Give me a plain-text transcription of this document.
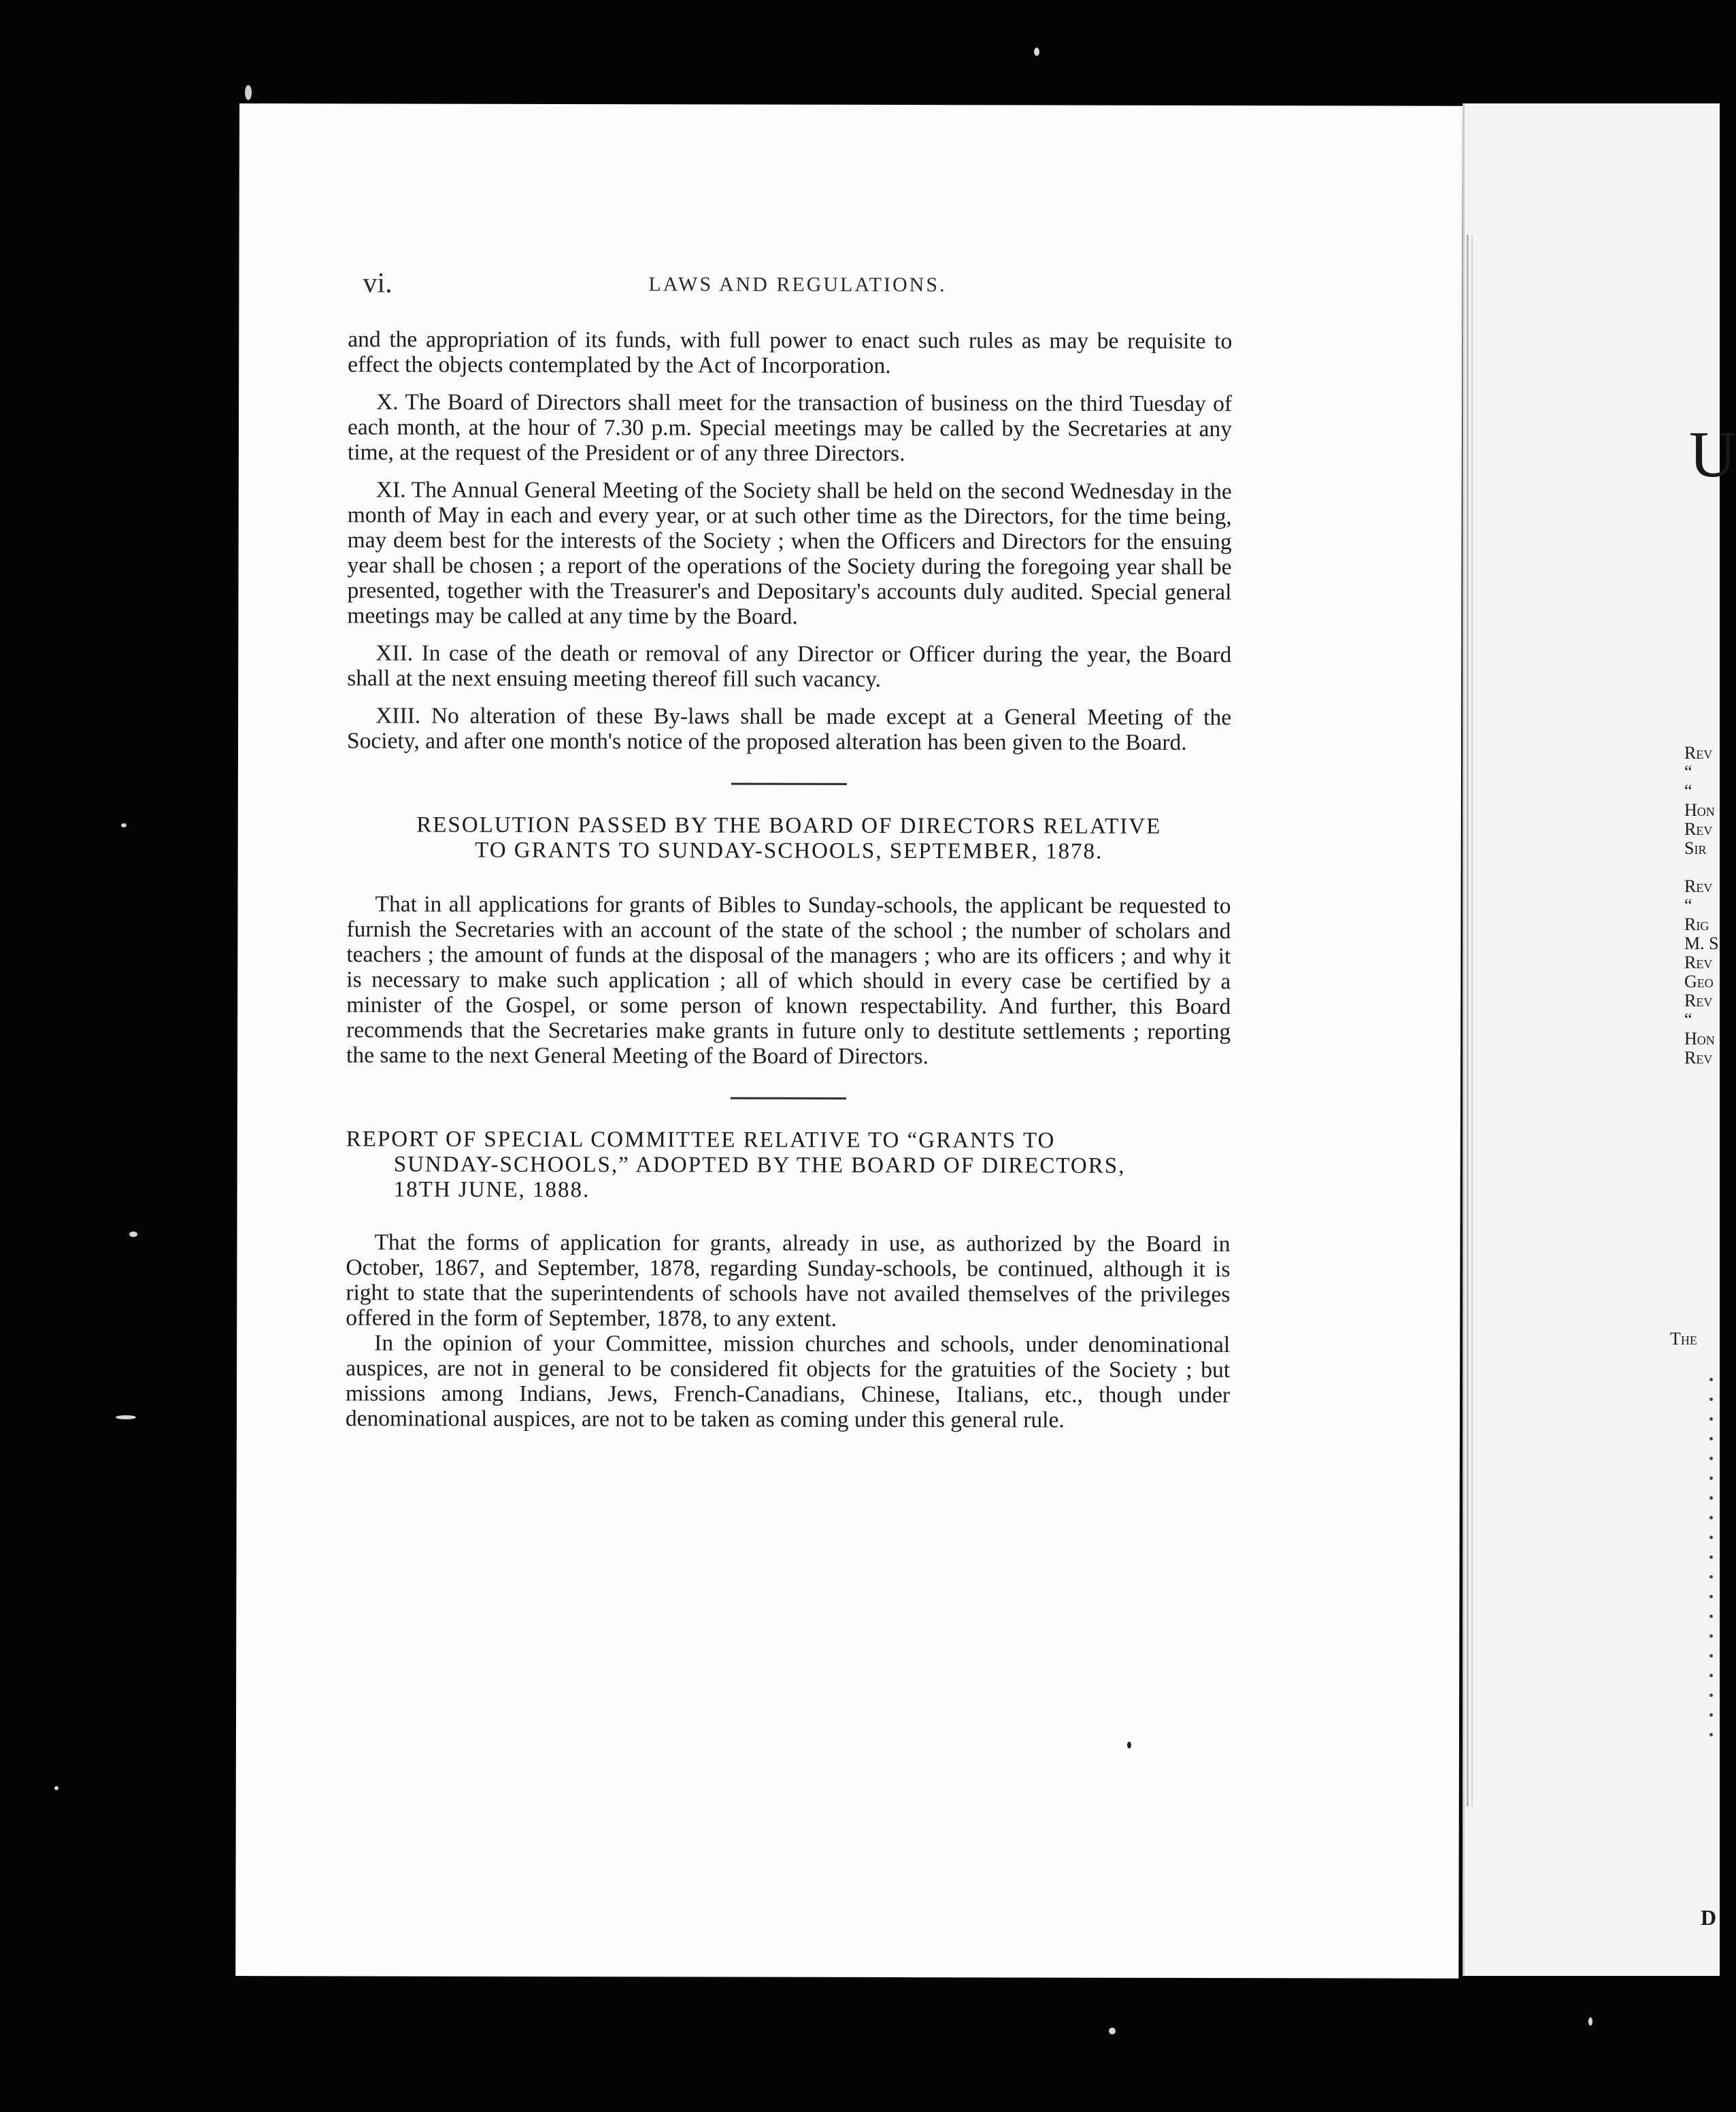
vi.	LAWS AND REGULATIONS.

and the appropriation of its funds, with full power to enact such rules as may be requisite to effect the objects contemplated by the Act of Incorporation.

X. The Board of Directors shall meet for the transaction of business on the third Tuesday of each month, at the hour of 7.30 p.m. Special meetings may be called by the Secretaries at any time, at the request of the President or of any three Directors.

XI. The Annual General Meeting of the Society shall be held on the second Wednesday in the month of May in each and every year, or at such other time as the Directors, for the time being, may deem best for the interests of the Society ; when the Officers and Directors for the ensuing year shall be chosen ; a report of the operations of the Society during the foregoing year shall be presented, together with the Treasurer's and Depositary's accounts duly audited. Special general meetings may be called at any time by the Board.

XII. In case of the death or removal of any Director or Officer during the year, the Board shall at the next ensuing meeting thereof fill such vacancy.

XIII. No alteration of these By-laws shall be made except at a General Meeting of the Society, and after one month's notice of the proposed alteration has been given to the Board.

RESOLUTION PASSED BY THE BOARD OF DIRECTORS RELATIVE
TO GRANTS TO SUNDAY-SCHOOLS, SEPTEMBER, 1878.

That in all applications for grants of Bibles to Sunday-schools, the applicant be requested to furnish the Secretaries with an account of the state of the school ; the number of scholars and teachers ; the amount of funds at the disposal of the managers ; who are its officers ; and why it is necessary to make such application ; all of which should in every case be certified by a minister of the Gospel, or some person of known respectability. And further, this Board recommends that the Secretaries make grants in future only to destitute settlements ; reporting the same to the next General Meeting of the Board of Directors.

REPORT OF SPECIAL COMMITTEE RELATIVE TO “GRANTS TO
SUNDAY-SCHOOLS,” ADOPTED BY THE BOARD OF DIRECTORS,
18TH JUNE, 1888.

That the forms of application for grants, already in use, as authorized by the Board in October, 1867, and September, 1878, regarding Sunday-schools, be continued, although it is right to state that the superintendents of schools have not availed themselves of the privileges offered in the form of September, 1878, to any extent.

In the opinion of your Committee, mission churches and schools, under denominational auspices, are not in general to be considered fit objects for the gratuities of the Society ; but missions among Indians, Jews, French-Canadians, Chinese, Italians, etc., though under denominational auspices, are not to be taken as coming under this general rule.

U
Rev
“
“
Hon
Rev
Sir
Rev
“
Rig
M. S
Rev
Geo
Rev
“
Hon
Rev
The
D
